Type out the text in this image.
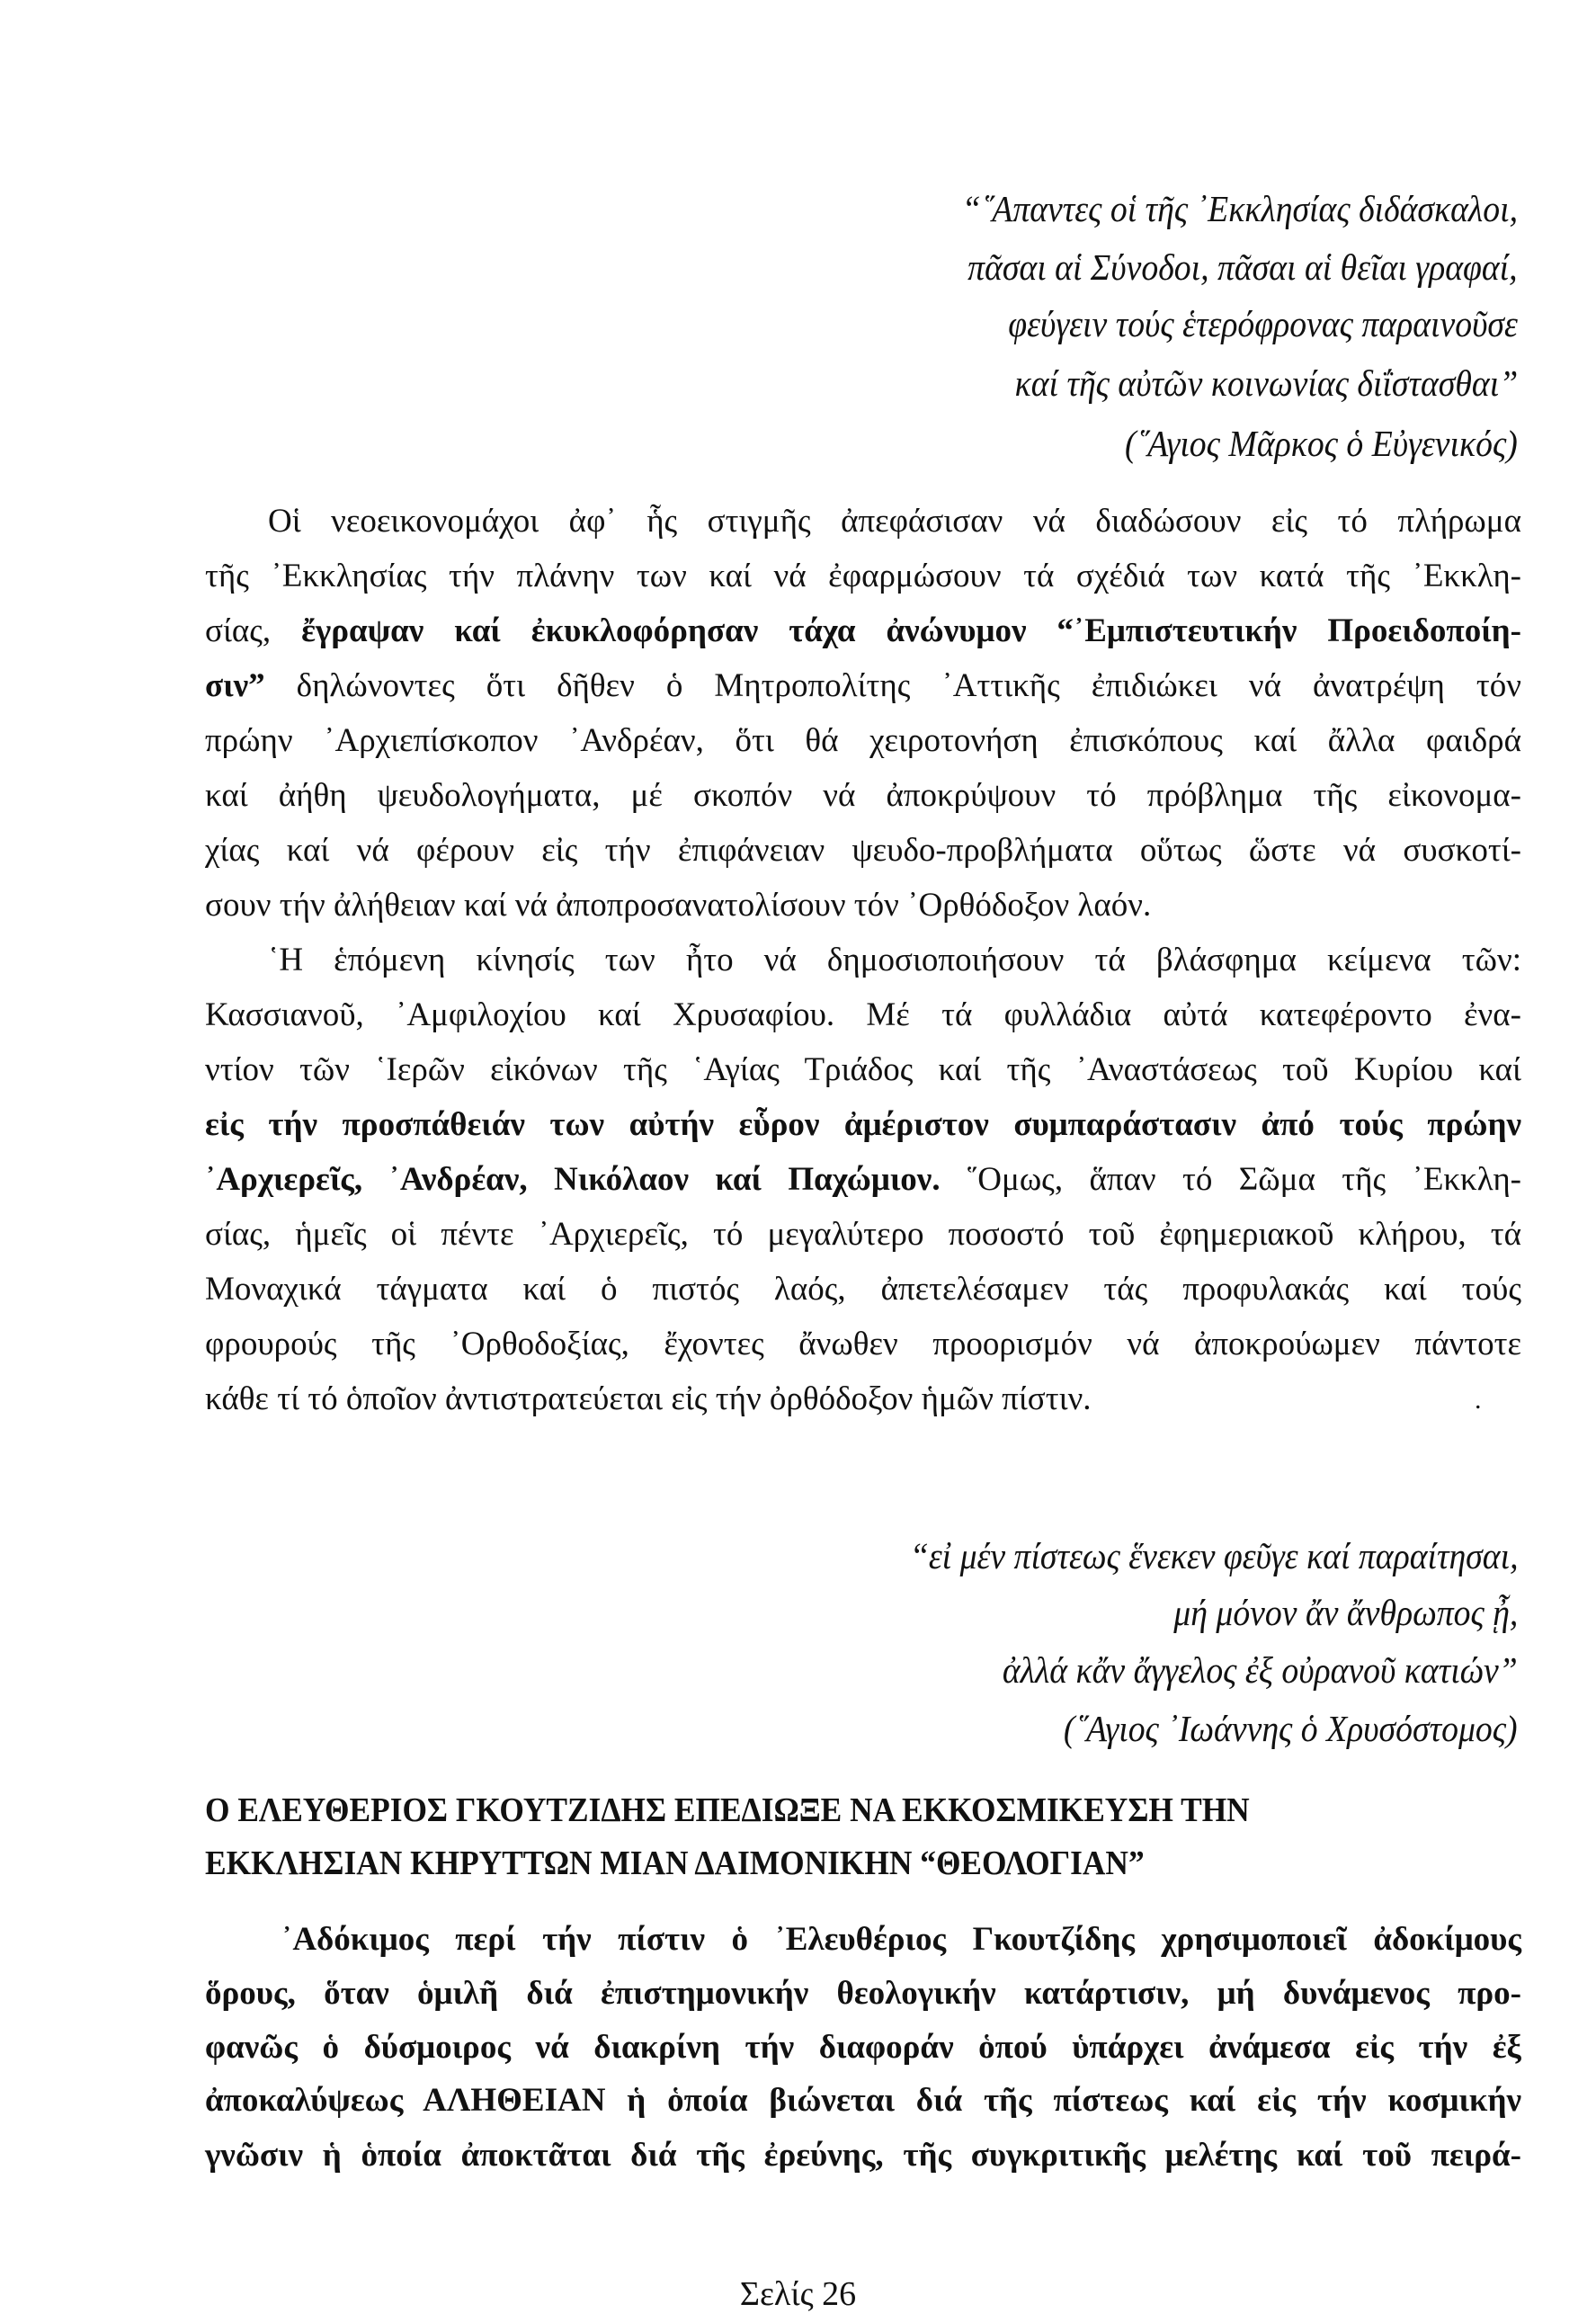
“῞Απαντες οἱ τῆς ᾿Εκκλησίας διδάσκαλοι,
πᾶσαι αἱ Σύνοδοι, πᾶσαι αἱ θεῖαι γραφαί,
φεύγειν τούς ἑτερόφρονας παραινοῦσε
καί τῆς αὐτῶν κοινωνίας διΐστασθαι”
(῞Αγιος Μᾶρκος ὁ Εὐγενικός)
Οἱ νεοεικονομάχοι ἀφ᾿ ἧς στιγμῆς ἀπεφάσισαν νά διαδώσουν εἰς τό πλήρωμα
τῆς ᾿Εκκλησίας τήν πλάνην των καί νά ἐφαρμώσουν τά σχέδιά των κατά τῆς ᾿Εκκλη-
σίας, ἔγραψαν καί ἐκυκλοφόρησαν τάχα ἀνώνυμον “᾿Εμπιστευτικήν Προειδοποίη-
σιν” δηλώνοντες ὅτι δῆθεν ὁ Μητροπολίτης ᾿Αττικῆς ἐπιδιώκει νά ἀνατρέψη τόν
πρώην ᾿Αρχιεπίσκοπον ᾿Ανδρέαν, ὅτι θά χειροτονήση ἐπισκόπους καί ἄλλα φαιδρά
καί ἀήθη ψευδολογήματα, μέ σκοπόν νά ἀποκρύψουν τό πρόβλημα τῆς εἰκονομα-
χίας καί νά φέρουν εἰς τήν ἐπιφάνειαν ψευδο-προβλήματα οὕτως ὥστε νά συσκοτί-
σουν τήν ἀλήθειαν καί νά ἀποπροσανατολίσουν τόν ᾿Ορθόδοξον λαόν.
῾Η ἑπόμενη κίνησίς των ἦτο νά δημοσιοποιήσουν τά βλάσφημα κείμενα τῶν:
Κασσιανοῦ, ᾿Αμφιλοχίου καί Χρυσαφίου. Μέ τά φυλλάδια αὐτά κατεφέροντο ἐνα-
ντίον τῶν ῾Ιερῶν εἰκόνων τῆς ῾Αγίας Τριάδος καί τῆς ᾿Αναστάσεως τοῦ Κυρίου καί
εἰς τήν προσπάθειάν των αὐτήν εὗρον ἀμέριστον συμπαράστασιν ἀπό τούς πρώην
᾿Αρχιερεῖς, ᾿Ανδρέαν, Νικόλαον καί Παχώμιον. ῞Ομως, ἅπαν τό Σῶμα τῆς ᾿Εκκλη-
σίας, ἡμεῖς οἱ πέντε ᾿Αρχιερεῖς, τό μεγαλύτερο ποσοστό τοῦ ἐφημεριακοῦ κλήρου, τά
Μοναχικά τάγματα καί ὁ πιστός λαός, ἀπετελέσαμεν τάς προφυλακάς καί τούς
φρουρούς τῆς ᾿Ορθοδοξίας, ἔχοντες ἄνωθεν προορισμόν νά ἀποκρούωμεν πάντοτε
κάθε τί τό ὁποῖον ἀντιστρατεύεται εἰς τήν ὀρθόδοξον ἡμῶν πίστιν.	.
“εἰ μέν πίστεως ἕνεκεν φεῦγε καί παραίτησαι,
μή μόνον ἄν ἄνθρωπος ᾖ,
ἀλλά κἄν ἄγγελος ἐξ οὐρανοῦ κατιών”
(῞Αγιος ᾿Ιωάννης ὁ Χρυσόστομος)
Ο ΕΛΕΥΘΕΡΙΟΣ ΓΚΟΥΤΖΙΔΗΣ ΕΠΕΔΙΩΞΕ ΝΑ ΕΚΚΟΣΜΙΚΕΥΣΗ ΤΗΝ
ΕΚΚΛΗΣΙΑΝ ΚΗΡΥΤΤΩΝ ΜΙΑΝ ΔΑΙΜΟΝΙΚΗΝ “ΘΕΟΛΟΓΙΑΝ”
᾿Αδόκιμος περί τήν πίστιν ὁ ᾿Ελευθέριος Γκουτζίδης χρησιμοποιεῖ ἀδοκίμους
ὅρους, ὅταν ὁμιλῆ διά ἐπιστημονικήν θεολογικήν κατάρτισιν, μή δυνάμενος προ-
φανῶς ὁ δύσμοιρος νά διακρίνη τήν διαφοράν ὁπού ὑπάρχει ἀνάμεσα εἰς τήν ἐξ
ἀποκαλύψεως ΑΛΗΘΕΙΑΝ ἡ ὁποία βιώνεται διά τῆς πίστεως καί εἰς τήν κοσμικήν
γνῶσιν ἡ ὁποία ἀποκτᾶται διά τῆς ἐρεύνης, τῆς συγκριτικῆς μελέτης καί τοῦ πειρά-
Σελίς 26
